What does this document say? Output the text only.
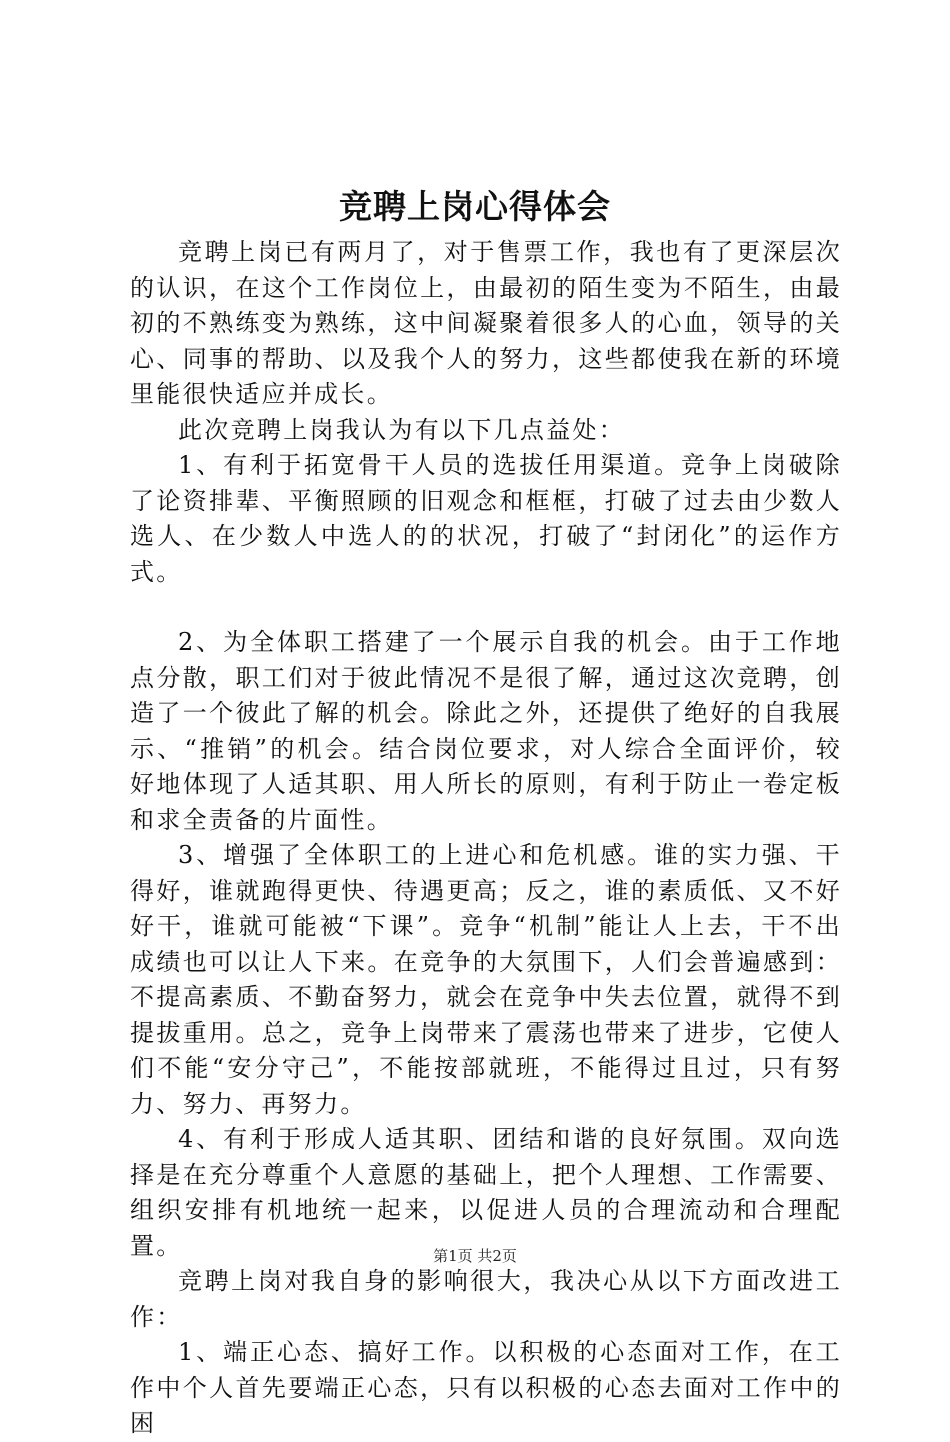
竞聘上岗心得体会

竞聘上岗已有两月了，对于售票工作，我也有了更深层次的认识，在这个工作岗位上，由最初的陌生变为不陌生，由最初的不熟练变为熟练，这中间凝聚着很多人的心血，领导的关心、同事的帮助、以及我个人的努力，这些都使我在新的环境里能很快适应并成长。

此次竞聘上岗我认为有以下几点益处：

1、有利于拓宽骨干人员的选拔任用渠道。竞争上岗破除了论资排辈、平衡照顾的旧观念和框框，打破了过去由少数人选人、在少数人中选人的的状况，打破了“封闭化”的运作方式。

2、为全体职工搭建了一个展示自我的机会。由于工作地点分散，职工们对于彼此情况不是很了解，通过这次竞聘，创造了一个彼此了解的机会。除此之外，还提供了绝好的自我展示、“推销”的机会。结合岗位要求，对人综合全面评价，较好地体现了人适其职、用人所长的原则，有利于防止一卷定板和求全责备的片面性。

3、增强了全体职工的上进心和危机感。谁的实力强、干得好，谁就跑得更快、待遇更高；反之，谁的素质低、又不好好干，谁就可能被“下课”。竞争“机制”能让人上去，干不出成绩也可以让人下来。在竞争的大氛围下，人们会普遍感到：不提高素质、不勤奋努力，就会在竞争中失去位置，就得不到提拔重用。总之，竞争上岗带来了震荡也带来了进步，它使人们不能“安分守己”，不能按部就班，不能得过且过，只有努力、努力、再努力。

4、有利于形成人适其职、团结和谐的良好氛围。双向选择是在充分尊重个人意愿的基础上，把个人理想、工作需要、组织安排有机地统一起来，以促进人员的合理流动和合理配置。

竞聘上岗对我自身的影响很大，我决心从以下方面改进工作：

1、端正心态、搞好工作。以积极的心态面对工作，在工作中个人首先要端正心态，只有以积极的心态去面对工作中的困

第1页 共2页
